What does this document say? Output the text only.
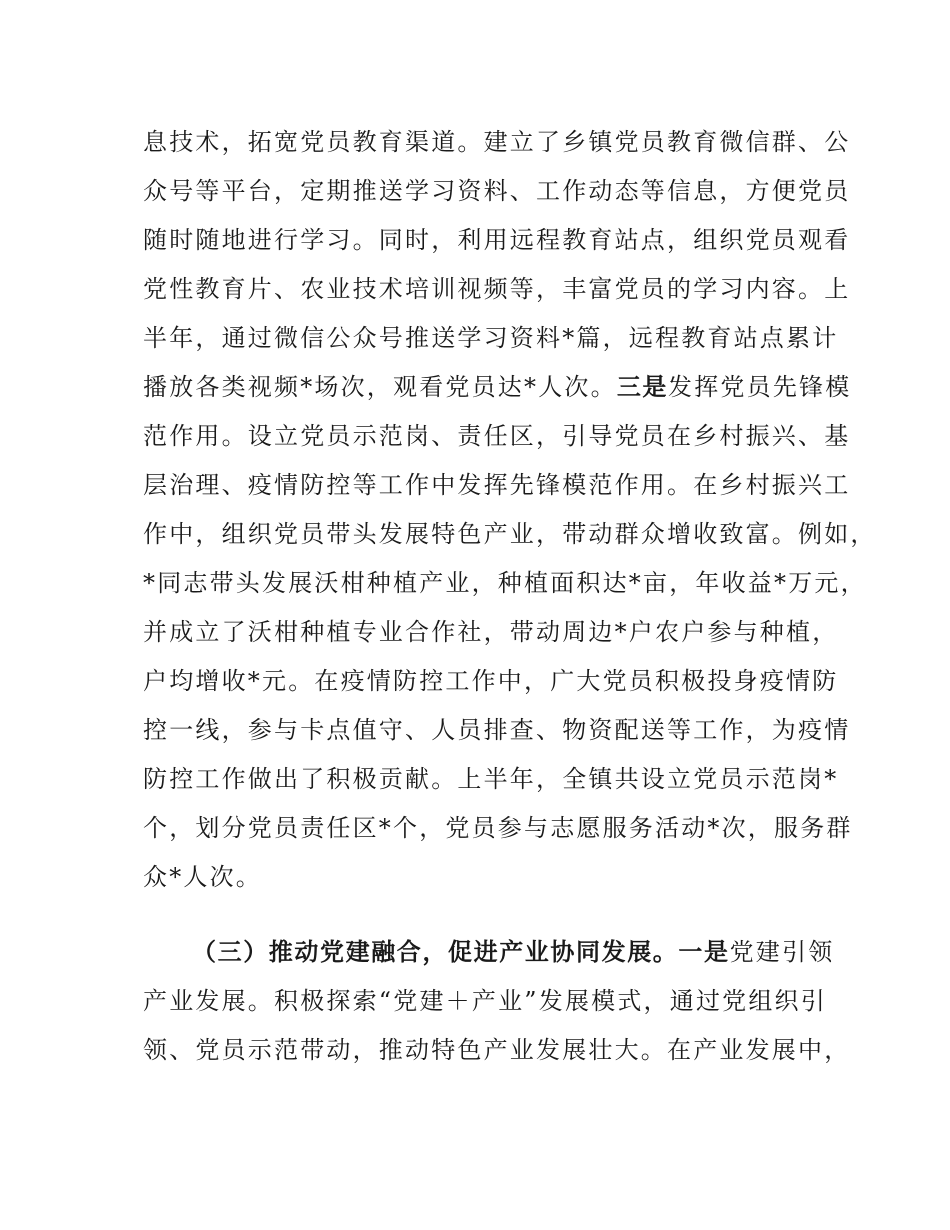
息技术，拓宽党员教育渠道。建立了乡镇党员教育微信群、公
众号等平台，定期推送学习资料、工作动态等信息，方便党员
随时随地进行学习。同时，利用远程教育站点，组织党员观看
党性教育片、农业技术培训视频等，丰富党员的学习内容。上
半年，通过微信公众号推送学习资料*篇，远程教育站点累计
播放各类视频*场次，观看党员达*人次。三是发挥党员先锋模
范作用。设立党员示范岗、责任区，引导党员在乡村振兴、基
层治理、疫情防控等工作中发挥先锋模范作用。在乡村振兴工
作中，组织党员带头发展特色产业，带动群众增收致富。例如，
*同志带头发展沃柑种植产业，种植面积达*亩，年收益*万元，
并成立了沃柑种植专业合作社，带动周边*户农户参与种植，
户均增收*元。在疫情防控工作中，广大党员积极投身疫情防
控一线，参与卡点值守、人员排查、物资配送等工作，为疫情
防控工作做出了积极贡献。上半年，全镇共设立党员示范岗*
个，划分党员责任区*个，党员参与志愿服务活动*次，服务群
众*人次。
（三）推动党建融合，促进产业协同发展。一是党建引领
产业发展。积极探索“党建＋产业”发展模式，通过党组织引
领、党员示范带动，推动特色产业发展壮大。在产业发展中，
